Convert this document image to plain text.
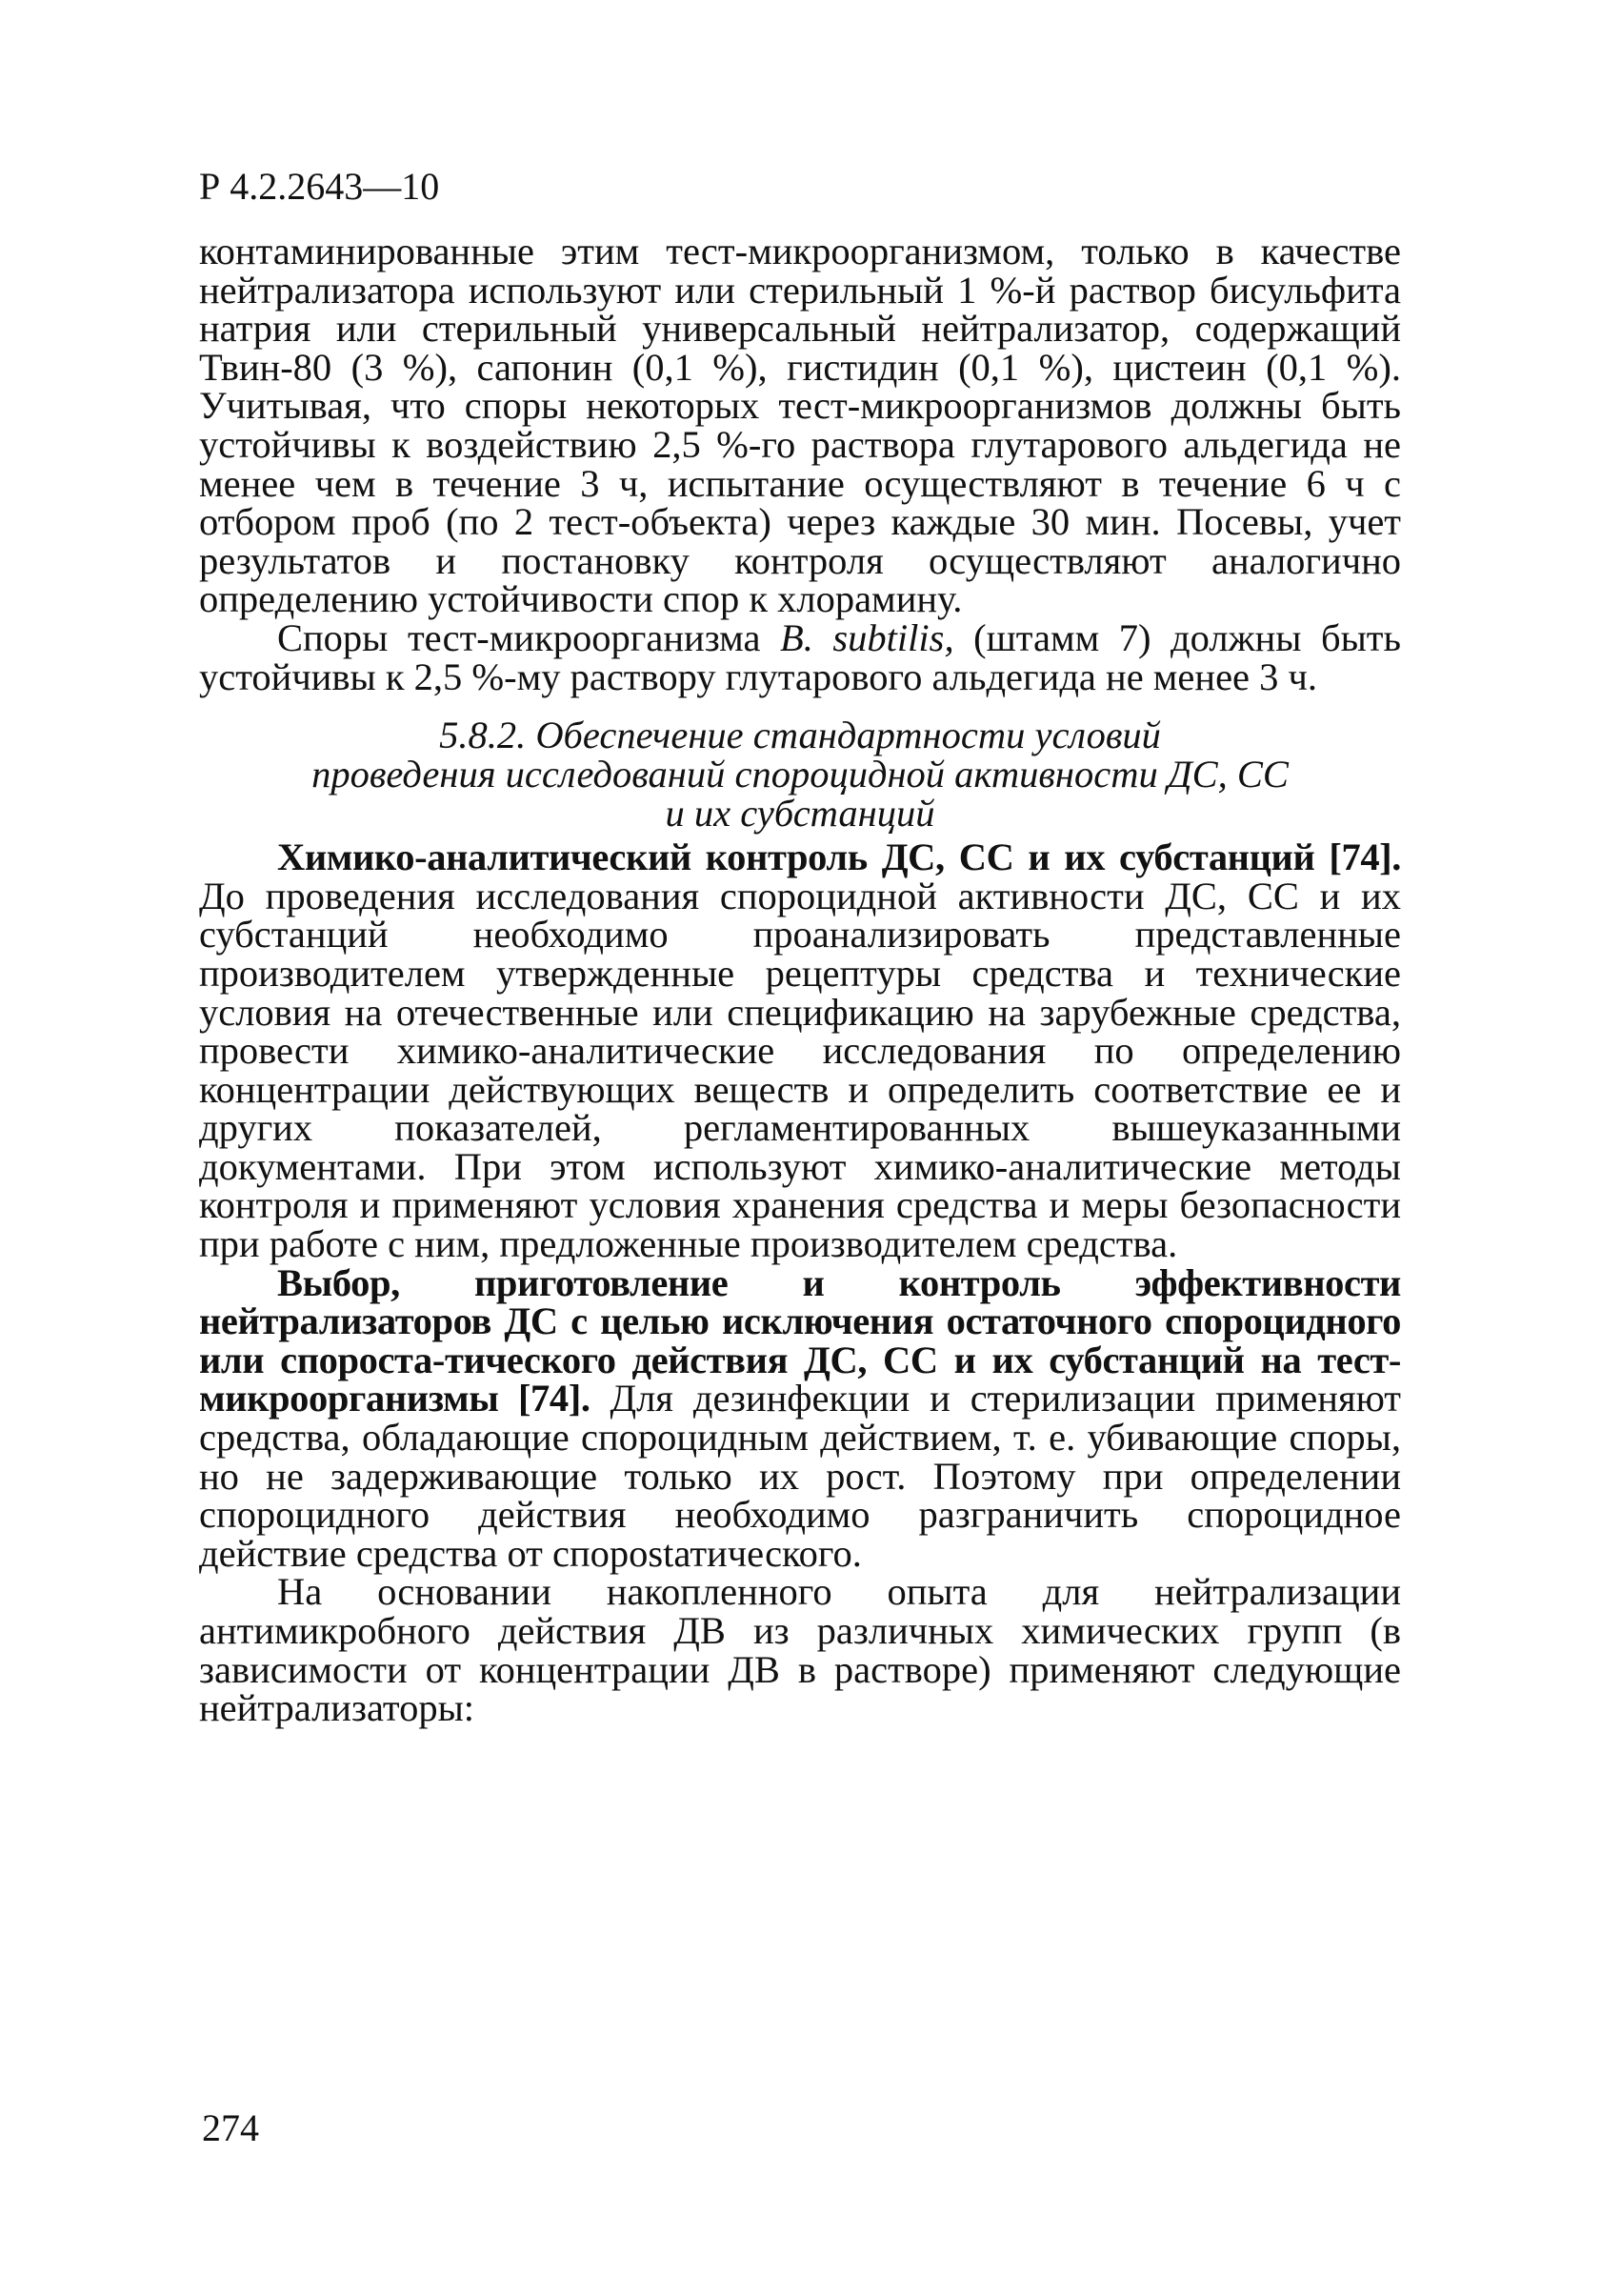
Р 4.2.2643—10

контаминированные этим тест-микроорганизмом, только в качестве нейтрализатора используют или стерильный 1 %-й раствор бисульфита натрия или стерильный универсальный нейтрализатор, содержащий Твин-80 (3 %), сапонин (0,1 %), гистидин (0,1 %), цистеин (0,1 %). Учитывая, что споры некоторых тест-микроорганизмов должны быть устойчивы к воздействию 2,5 %-го раствора глутарового альдегида не менее чем в течение 3 ч, испытание осуществляют в течение 6 ч с отбором проб (по 2 тест-объекта) через каждые 30 мин. Посевы, учет результатов и постановку контроля осуществляют аналогично определению устойчивости спор к хлорамину.

Споры тест-микроорганизма B. subtilis, (штамм 7) должны быть устойчивы к 2,5 %-му раствору глутарового альдегида не менее 3 ч.

5.8.2. Обеспечение стандартности условий
проведения исследований спороцидной активности ДС, СС
и их субстанций

Химико-аналитический контроль ДС, СС и их субстанций [74]. До проведения исследования спороцидной активности ДС, СС и их субстанций необходимо проанализировать представленные производителем утвержденные рецептуры средства и технические условия на отечественные или спецификацию на зарубежные средства, провести химико-аналитические исследования по определению концентрации действующих веществ и определить соответствие ее и других показателей, регламентированных вышеуказанными документами. При этом используют химико-аналитические методы контроля и применяют условия хранения средства и меры безопасности при работе с ним, предложенные производителем средства.

Выбор, приготовление и контроль эффективности нейтрализаторов ДС с целью исключения остаточного спороцидного или спороста-тического действия ДС, СС и их субстанций на тест-микроорганизмы [74]. Для дезинфекции и стерилизации применяют средства, обладающие спороцидным действием, т. е. убивающие споры, но не задерживающие только их рост. Поэтому при определении спороцидного действия необходимо разграничить спороцидное действие средства от спорostатического.

На основании накопленного опыта для нейтрализации антимикробного действия ДВ из различных химических групп (в зависимости от концентрации ДВ в растворе) применяют следующие нейтрализаторы:

274
